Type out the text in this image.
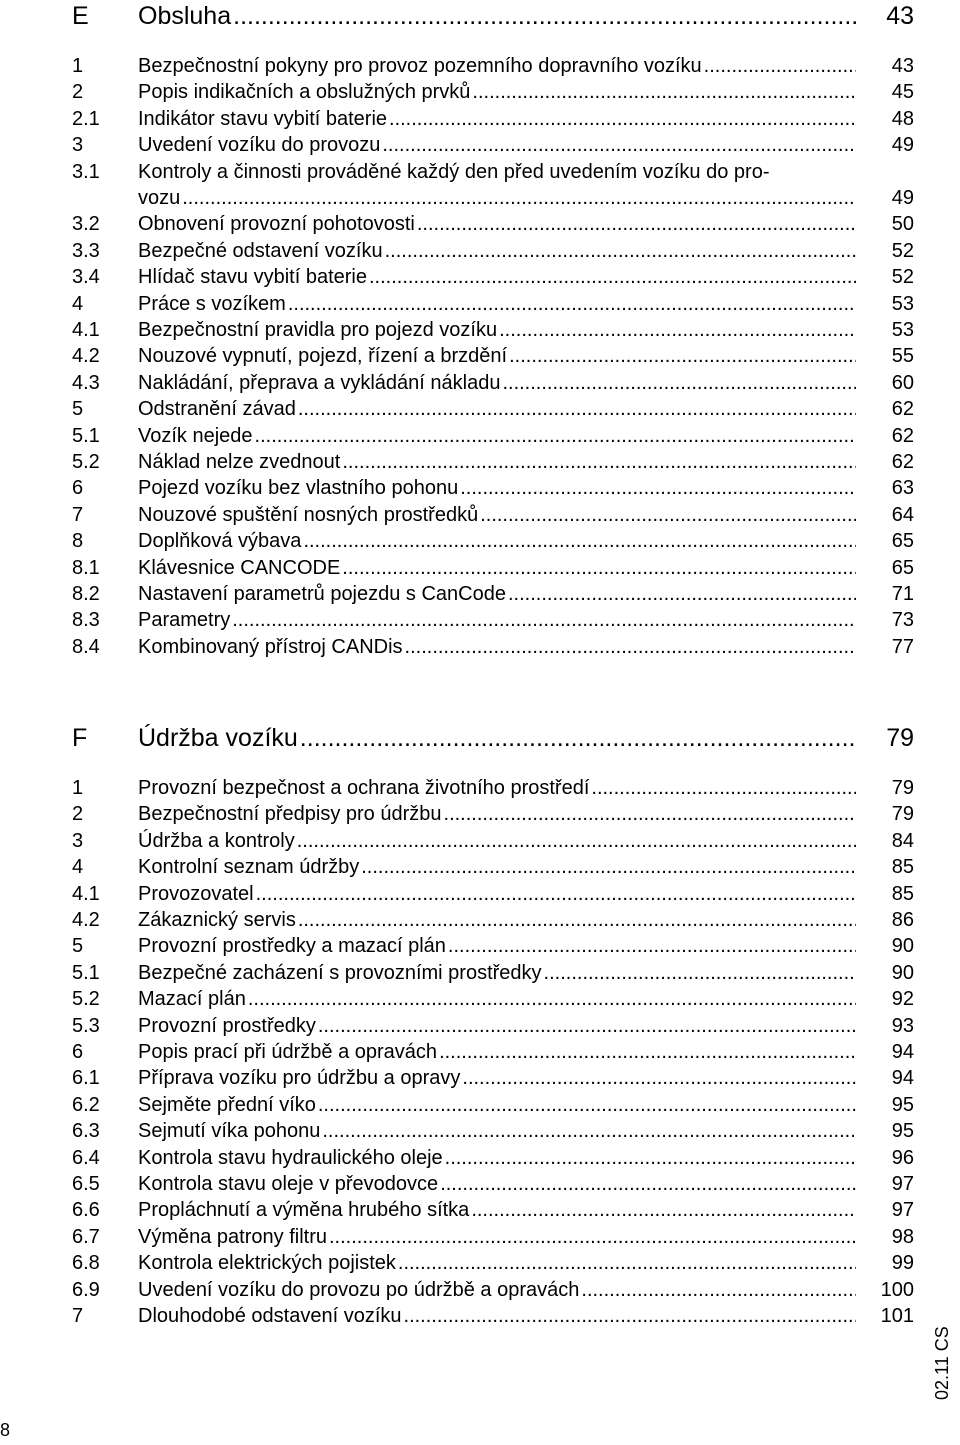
E	Obsluha .....	43
1	Bezpečnostní pokyny pro provoz pozemního dopravního vozíku .....	43
2	Popis indikačních a obslužných prvků .....	45
2.1	Indikátor stavu vybití baterie .....	48
3	Uvedení vozíku do provozu .....	49
3.1	Kontroly a činnosti prováděné každý den před uvedením vozíku do pro-
vozu .....	49
3.2	Obnovení provozní pohotovosti .....	50
3.3	Bezpečné odstavení vozíku .....	52
3.4	Hlídač stavu vybití baterie .....	52
4	Práce s vozíkem .....	53
4.1	Bezpečnostní pravidla pro pojezd vozíku .....	53
4.2	Nouzové vypnutí, pojezd, řízení a brzdění .....	55
4.3	Nakládání, přeprava a vykládání nákladu .....	60
5	Odstranění závad .....	62
5.1	Vozík nejede .....	62
5.2	Náklad nelze zvednout .....	62
6	Pojezd vozíku bez vlastního pohonu .....	63
7	Nouzové spuštění nosných prostředků .....	64
8	Doplňková výbava .....	65
8.1	Klávesnice CANCODE .....	65
8.2	Nastavení parametrů pojezdu s CanCode .....	71
8.3	Parametry .....	73
8.4	Kombinovaný přístroj CANDis .....	77
F	Údržba vozíku .....	79
1	Provozní bezpečnost a ochrana životního prostředí .....	79
2	Bezpečnostní předpisy pro údržbu .....	79
3	Údržba a kontroly .....	84
4	Kontrolní seznam údržby .....	85
4.1	Provozovatel .....	85
4.2	Zákaznický servis .....	86
5	Provozní prostředky a mazací plán .....	90
5.1	Bezpečné zacházení s provozními prostředky .....	90
5.2	Mazací plán .....	92
5.3	Provozní prostředky .....	93
6	Popis prací při údržbě a opravách .....	94
6.1	Příprava vozíku pro údržbu a opravy .....	94
6.2	Sejměte přední víko .....	95
6.3	Sejmutí víka pohonu .....	95
6.4	Kontrola stavu hydraulického oleje .....	96
6.5	Kontrola stavu oleje v převodovce .....	97
6.6	Propláchnutí a výměna hrubého sítka .....	97
6.7	Výměna patrony filtru .....	98
6.8	Kontrola elektrických pojistek .....	99
6.9	Uvedení vozíku do provozu po údržbě a opravách .....	100
7	Dlouhodobé odstavení vozíku .....	101
02.11 CS
8
